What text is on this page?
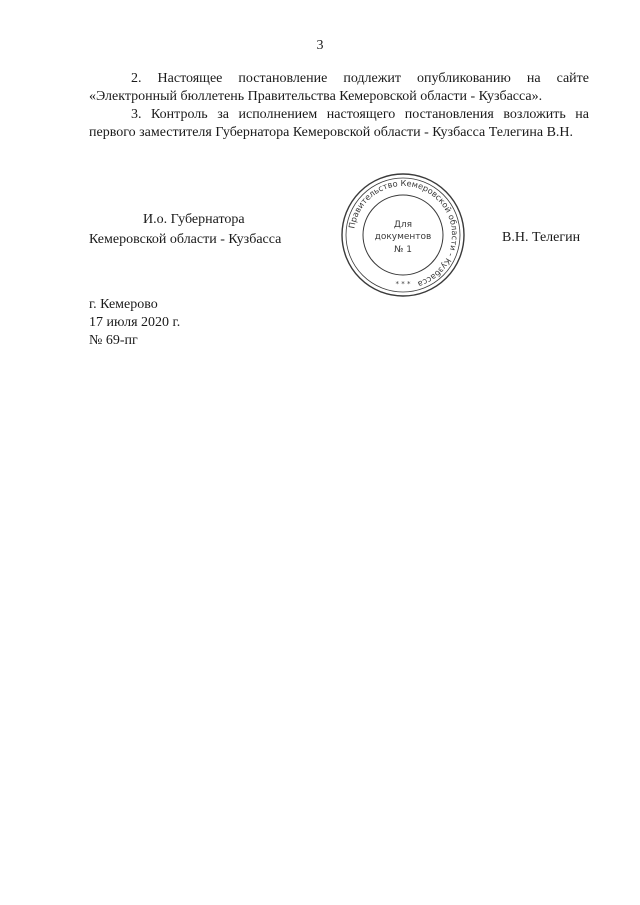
3

2. Настоящее постановление подлежит опубликованию на сайте «Электронный бюллетень Правительства Кемеровской области - Кузбасса».

3. Контроль за исполнением настоящего постановления возложить на первого заместителя Губернатора Кемеровской области - Кузбасса Телегина В.Н.

И.о. Губернатора
Кемеровской области - Кузбасса
Правительство Кемеровской области - Кузбасса
Для
документов
№ 1
* * *
В.Н. Телегин
г. Кемерово
17 июля 2020 г.
№ 69-пг
